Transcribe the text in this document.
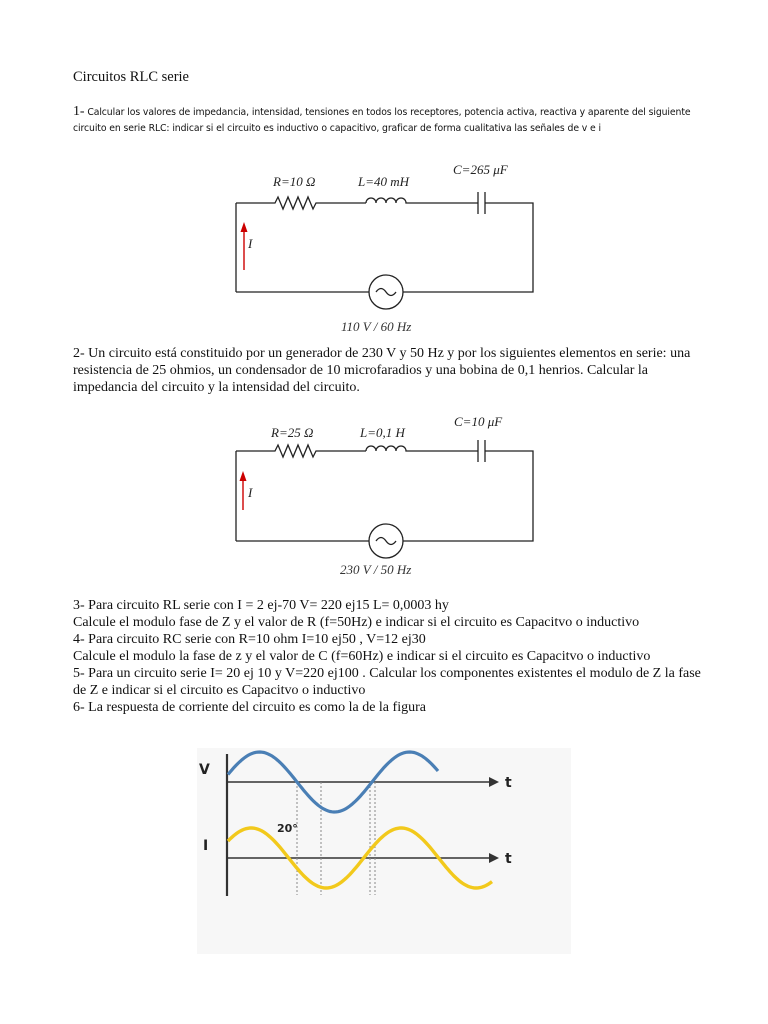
Circuitos RLC serie
1- Calcular los valores de impedancia, intensidad, tensiones en todos los receptores, potencia activa, reactiva y aparente del siguiente circuito en serie RLC: indicar si el circuito es inductivo o capacitivo, graficar de forma cualitativa las señales de v e i
R=10 Ω	L=40 mH
C=265 μF
I
110 V / 60 Hz
2- Un circuito está constituido por un generador de 230 V y 50 Hz y por los siguientes elementos en serie: una resistencia de 25 ohmios, un condensador de 10 microfaradios y una bobina de 0,1 henrios. Calcular la impedancia del circuito y la intensidad del circuito.
R=25 Ω	L=0,1 H
C=10 μF
I
230 V / 50 Hz
3- Para circuito RL serie con I = 2 ej-70 V= 220 ej15 L= 0,0003 hy
Calcule el modulo fase de Z y el valor de R (f=50Hz) e indicar si el circuito es Capacitvo o inductivo
4- Para circuito RC serie con R=10 ohm I=10 ej50 , V=12 ej30
Calcule el modulo la fase de z y el valor de C (f=60Hz) e indicar si el circuito es Capacitvo o inductivo
5- Para un circuito serie I= 20 ej 10 y V=220 ej100 . Calcular los componentes existentes el modulo de Z la fase de Z e indicar si el circuito es Capacitvo o inductivo
6- La respuesta de corriente del circuito es como la de la figura
V
I
t
t
20°
